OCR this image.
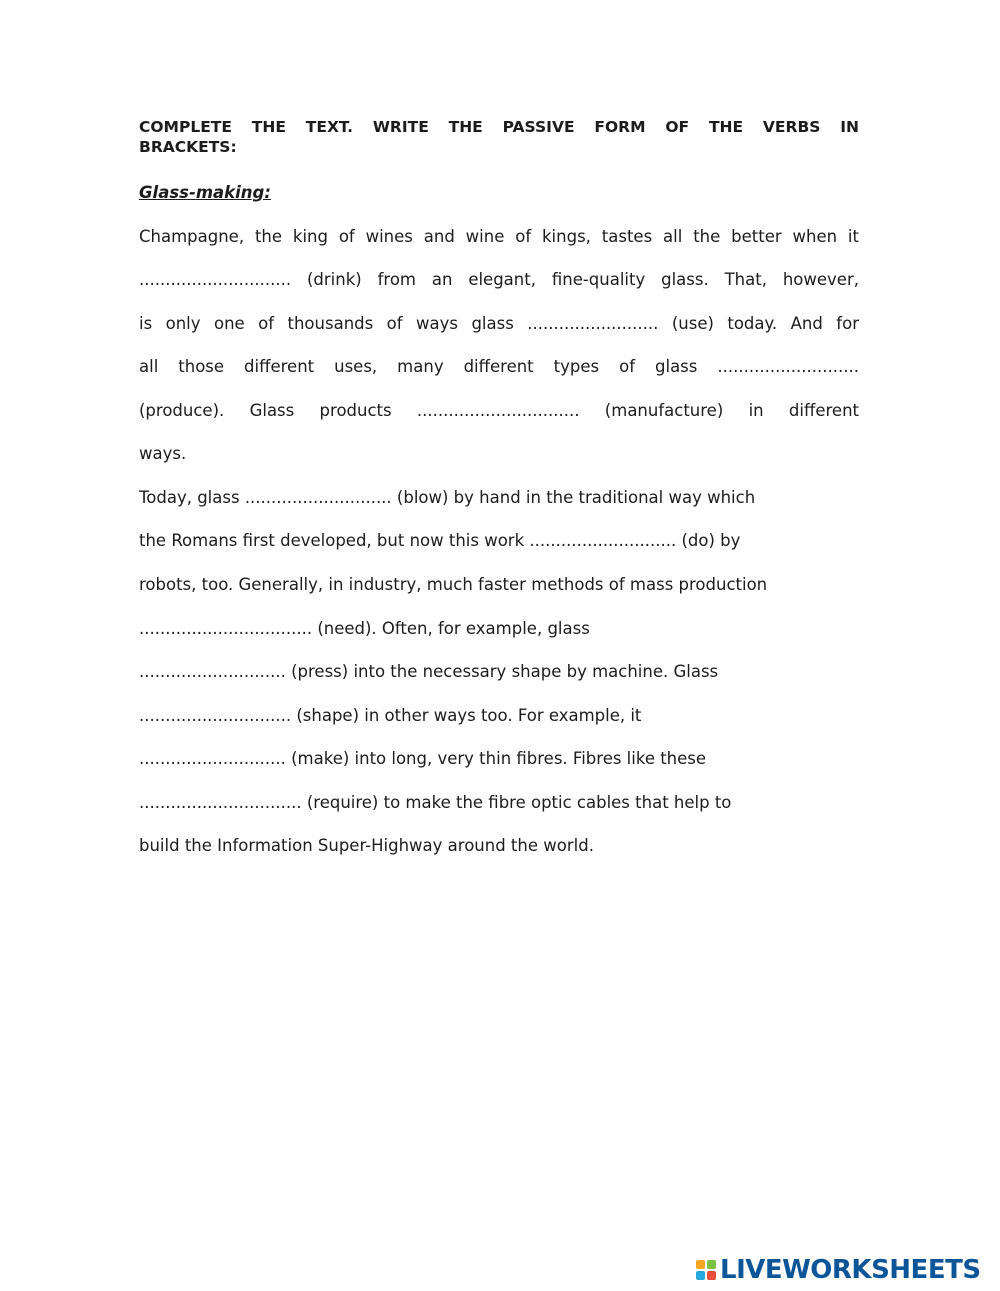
COMPLETE THE TEXT. WRITE THE PASSIVE FORM OF THE VERBS IN
BRACKETS:
Glass-making:

Champagne, the king of wines and wine of kings, tastes all the better when it

............................. (drink) from an elegant, fine-quality glass. That, however,

is only one of thousands of ways glass ......................... (use) today. And for

all those different uses, many different types of glass ...........................

(produce). Glass products ............................... (manufacture) in different

ways.

Today, glass ............................ (blow) by hand in the traditional way which

the Romans first developed, but now this work ............................ (do) by

robots, too. Generally, in industry, much faster methods of mass production

................................. (need). Often, for example, glass

............................ (press) into the necessary shape by machine. Glass

............................. (shape) in other ways too. For example, it

............................ (make) into long, very thin fibres. Fibres like these

............................... (require) to make the fibre optic cables that help to

build the Information Super-Highway around the world.

LIVEWORKSHEETS
